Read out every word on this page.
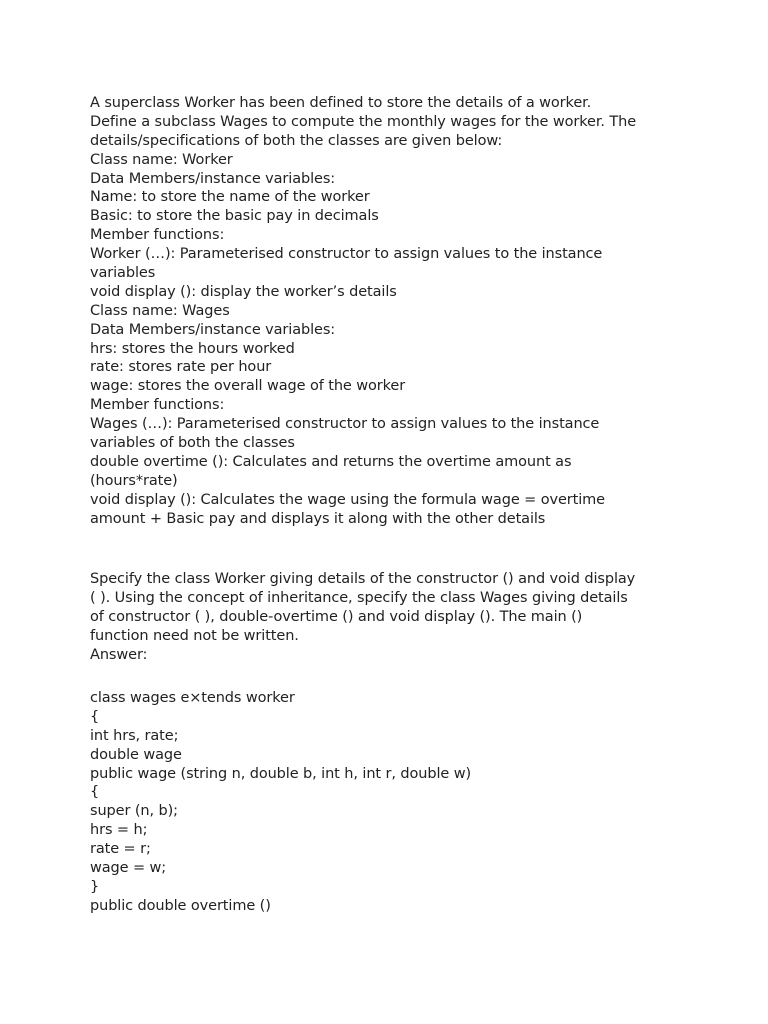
A superclass Worker has been defined to store the details of a worker.
Define a subclass Wages to compute the monthly wages for the worker. The
details/specifications of both the classes are given below:
Class name: Worker
Data Members/instance variables:
Name: to store the name of the worker
Basic: to store the basic pay in decimals
Member functions:
Worker (…): Parameterised constructor to assign values to the instance
variables
void display (): display the worker’s details
Class name: Wages
Data Members/instance variables:
hrs: stores the hours worked
rate: stores rate per hour
wage: stores the overall wage of the worker
Member functions:
Wages (…): Parameterised constructor to assign values to the instance
variables of both the classes
double overtime (): Calculates and returns the overtime amount as
(hours*rate)
void display (): Calculates the wage using the formula wage = overtime
amount + Basic pay and displays it along with the other details
Specify the class Worker giving details of the constructor () and void display
( ). Using the concept of inheritance, specify the class Wages giving details
of constructor ( ), double-overtime () and void display (). The main ()
function need not be written.
Answer:
class wages e×tends worker
{
int hrs, rate;
double wage
public wage (string n, double b, int h, int r, double w)
{
super (n, b);
hrs = h;
rate = r;
wage = w;
}
public double overtime ()
